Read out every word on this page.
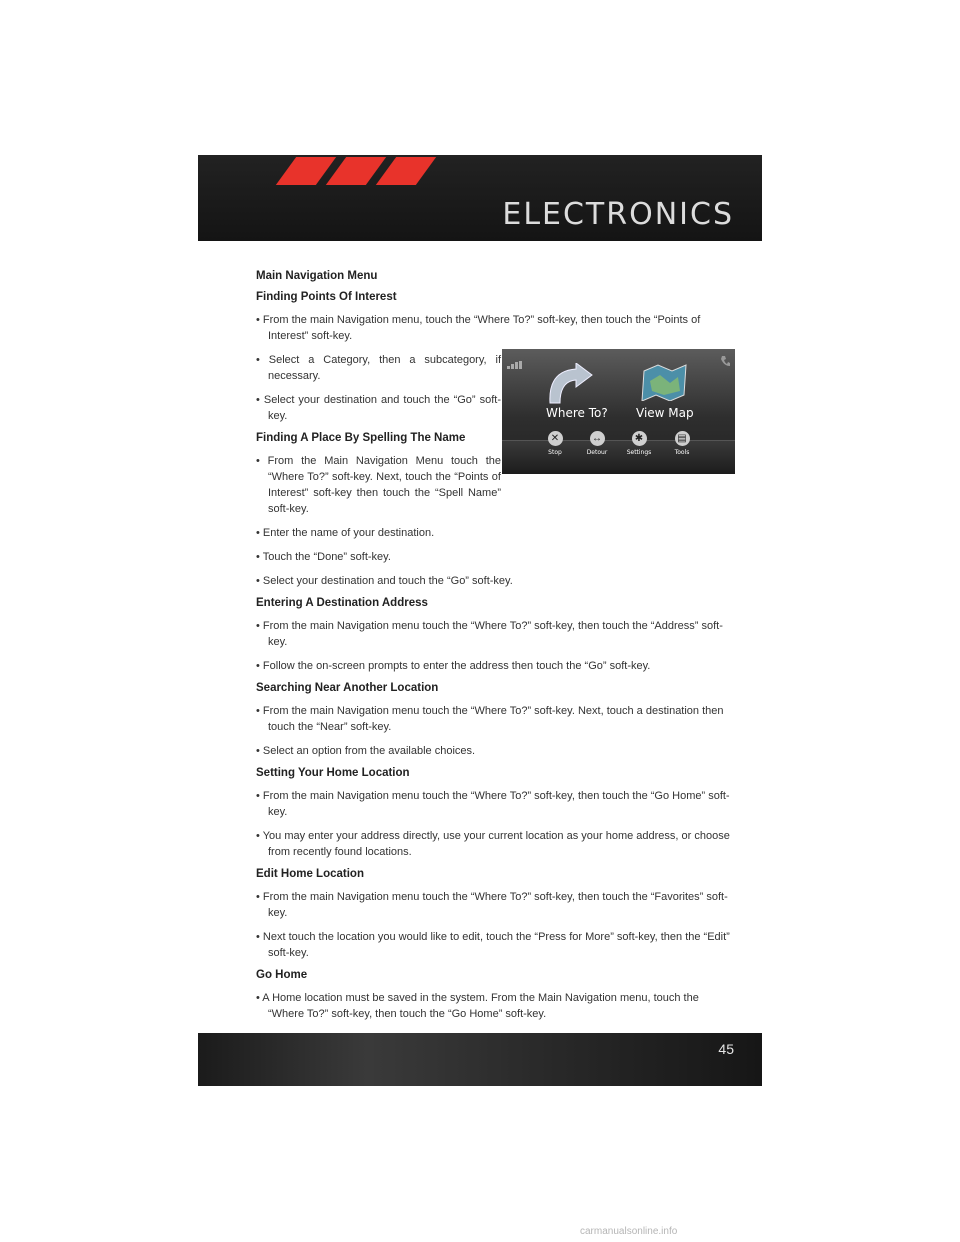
ELECTRONICS
Where To? View Map
✕
Stop
↔
Detour
✱
Settings
▤
Tools
Main Navigation Menu
Finding Points Of Interest
• From the main Navigation menu, touch the “Where To?” soft-key, then touch the “Points of Interest” soft-key.
• Select a Category, then a subcategory, if necessary.
• Select your destination and touch the “Go” soft-key.
Finding A Place By Spelling The Name
• From the Main Navigation Menu touch the “Where To?” soft-key. Next, touch the “Points of Interest” soft-key then touch the “Spell Name” soft-key.
• Enter the name of your destination.
• Touch the “Done” soft-key.
• Select your destination and touch the “Go” soft-key.
Entering A Destination Address
• From the main Navigation menu touch the “Where To?” soft-key, then touch the “Address” soft-key.
• Follow the on-screen prompts to enter the address then touch the “Go” soft-key.
Searching Near Another Location
• From the main Navigation menu touch the “Where To?” soft-key. Next, touch a destination then touch the “Near” soft-key.
• Select an option from the available choices.
Setting Your Home Location
• From the main Navigation menu touch the “Where To?” soft-key, then touch the “Go Home” soft-key.
• You may enter your address directly, use your current location as your home address, or choose from recently found locations.
Edit Home Location
• From the main Navigation menu touch the “Where To?” soft-key, then touch the “Favorites” soft-key.
• Next touch the location you would like to edit, touch the “Press for More” soft-key, then the “Edit” soft-key.
Go Home
• A Home location must be saved in the system. From the Main Navigation menu, touch the “Where To?” soft-key, then touch the “Go Home” soft-key.
45
carmanualsonline.info
